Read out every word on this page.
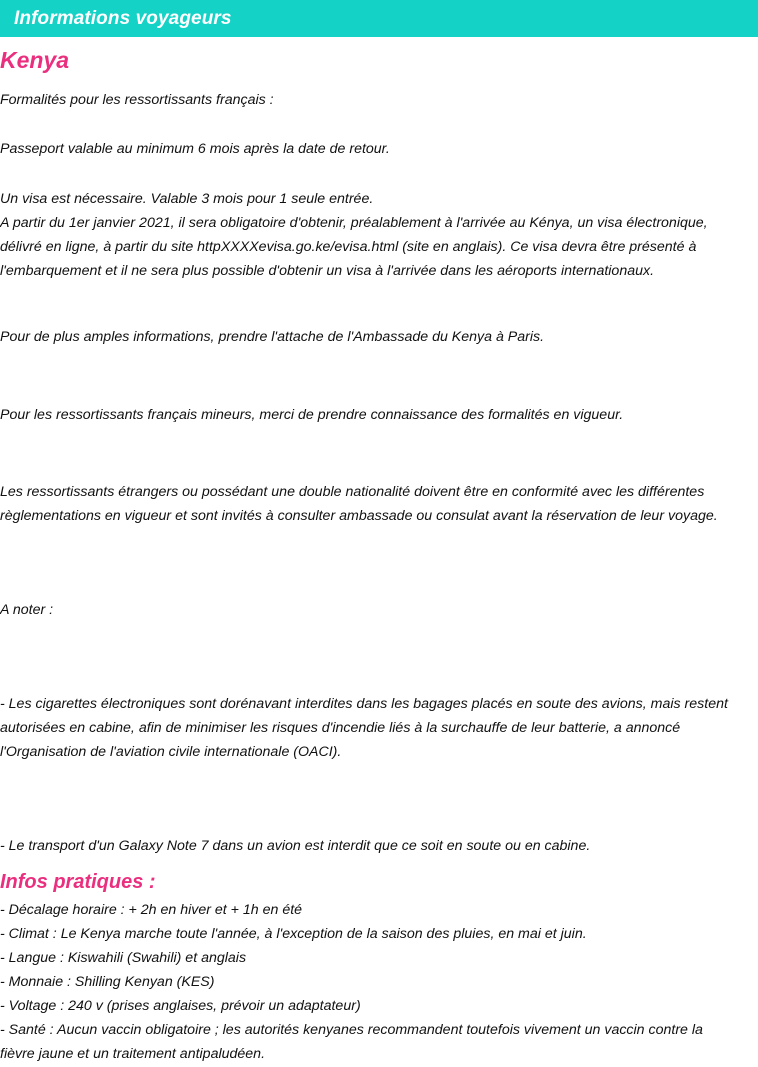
Informations voyageurs
Kenya

Formalités pour les ressortissants français :

Passeport valable au minimum 6 mois après la date de retour.

Un visa est nécessaire. Valable 3 mois pour 1 seule entrée.

A partir du 1er janvier 2021, il sera obligatoire d'obtenir, préalablement à l'arrivée au Kénya, un visa électronique, délivré en ligne, à partir du site httpXXXXevisa.go.ke/evisa.html (site en anglais). Ce visa devra être présenté à l'embarquement et il ne sera plus possible d'obtenir un visa à l'arrivée dans les aéroports internationaux.

Pour de plus amples informations, prendre l'attache de l'Ambassade du Kenya à Paris.

Pour les ressortissants français mineurs, merci de prendre connaissance des formalités en vigueur.

Les ressortissants étrangers ou possédant une double nationalité doivent être en conformité avec les différentes règlementations en vigueur et sont invités à consulter ambassade ou consulat avant la réservation de leur voyage.

A noter :

- Les cigarettes électroniques sont dorénavant interdites dans les bagages placés en soute des avions, mais restent autorisées en cabine, afin de minimiser les risques d'incendie liés à la surchauffe de leur batterie, a annoncé l'Organisation de l'aviation civile internationale (OACI).

- Le transport d'un Galaxy Note 7 dans un avion est interdit que ce soit en soute ou en cabine.

Infos pratiques :

- Décalage horaire : + 2h en hiver et + 1h en été

- Climat : Le Kenya marche toute l'année, à l'exception de la saison des pluies, en mai et juin.

- Langue : Kiswahili (Swahili) et anglais

- Monnaie : Shilling Kenyan (KES)

- Voltage : 240 v (prises anglaises, prévoir un adaptateur)

- Santé : Aucun vaccin obligatoire ; les autorités kenyanes recommandent toutefois vivement un vaccin contre la fièvre jaune et un traitement antipaludéen.
